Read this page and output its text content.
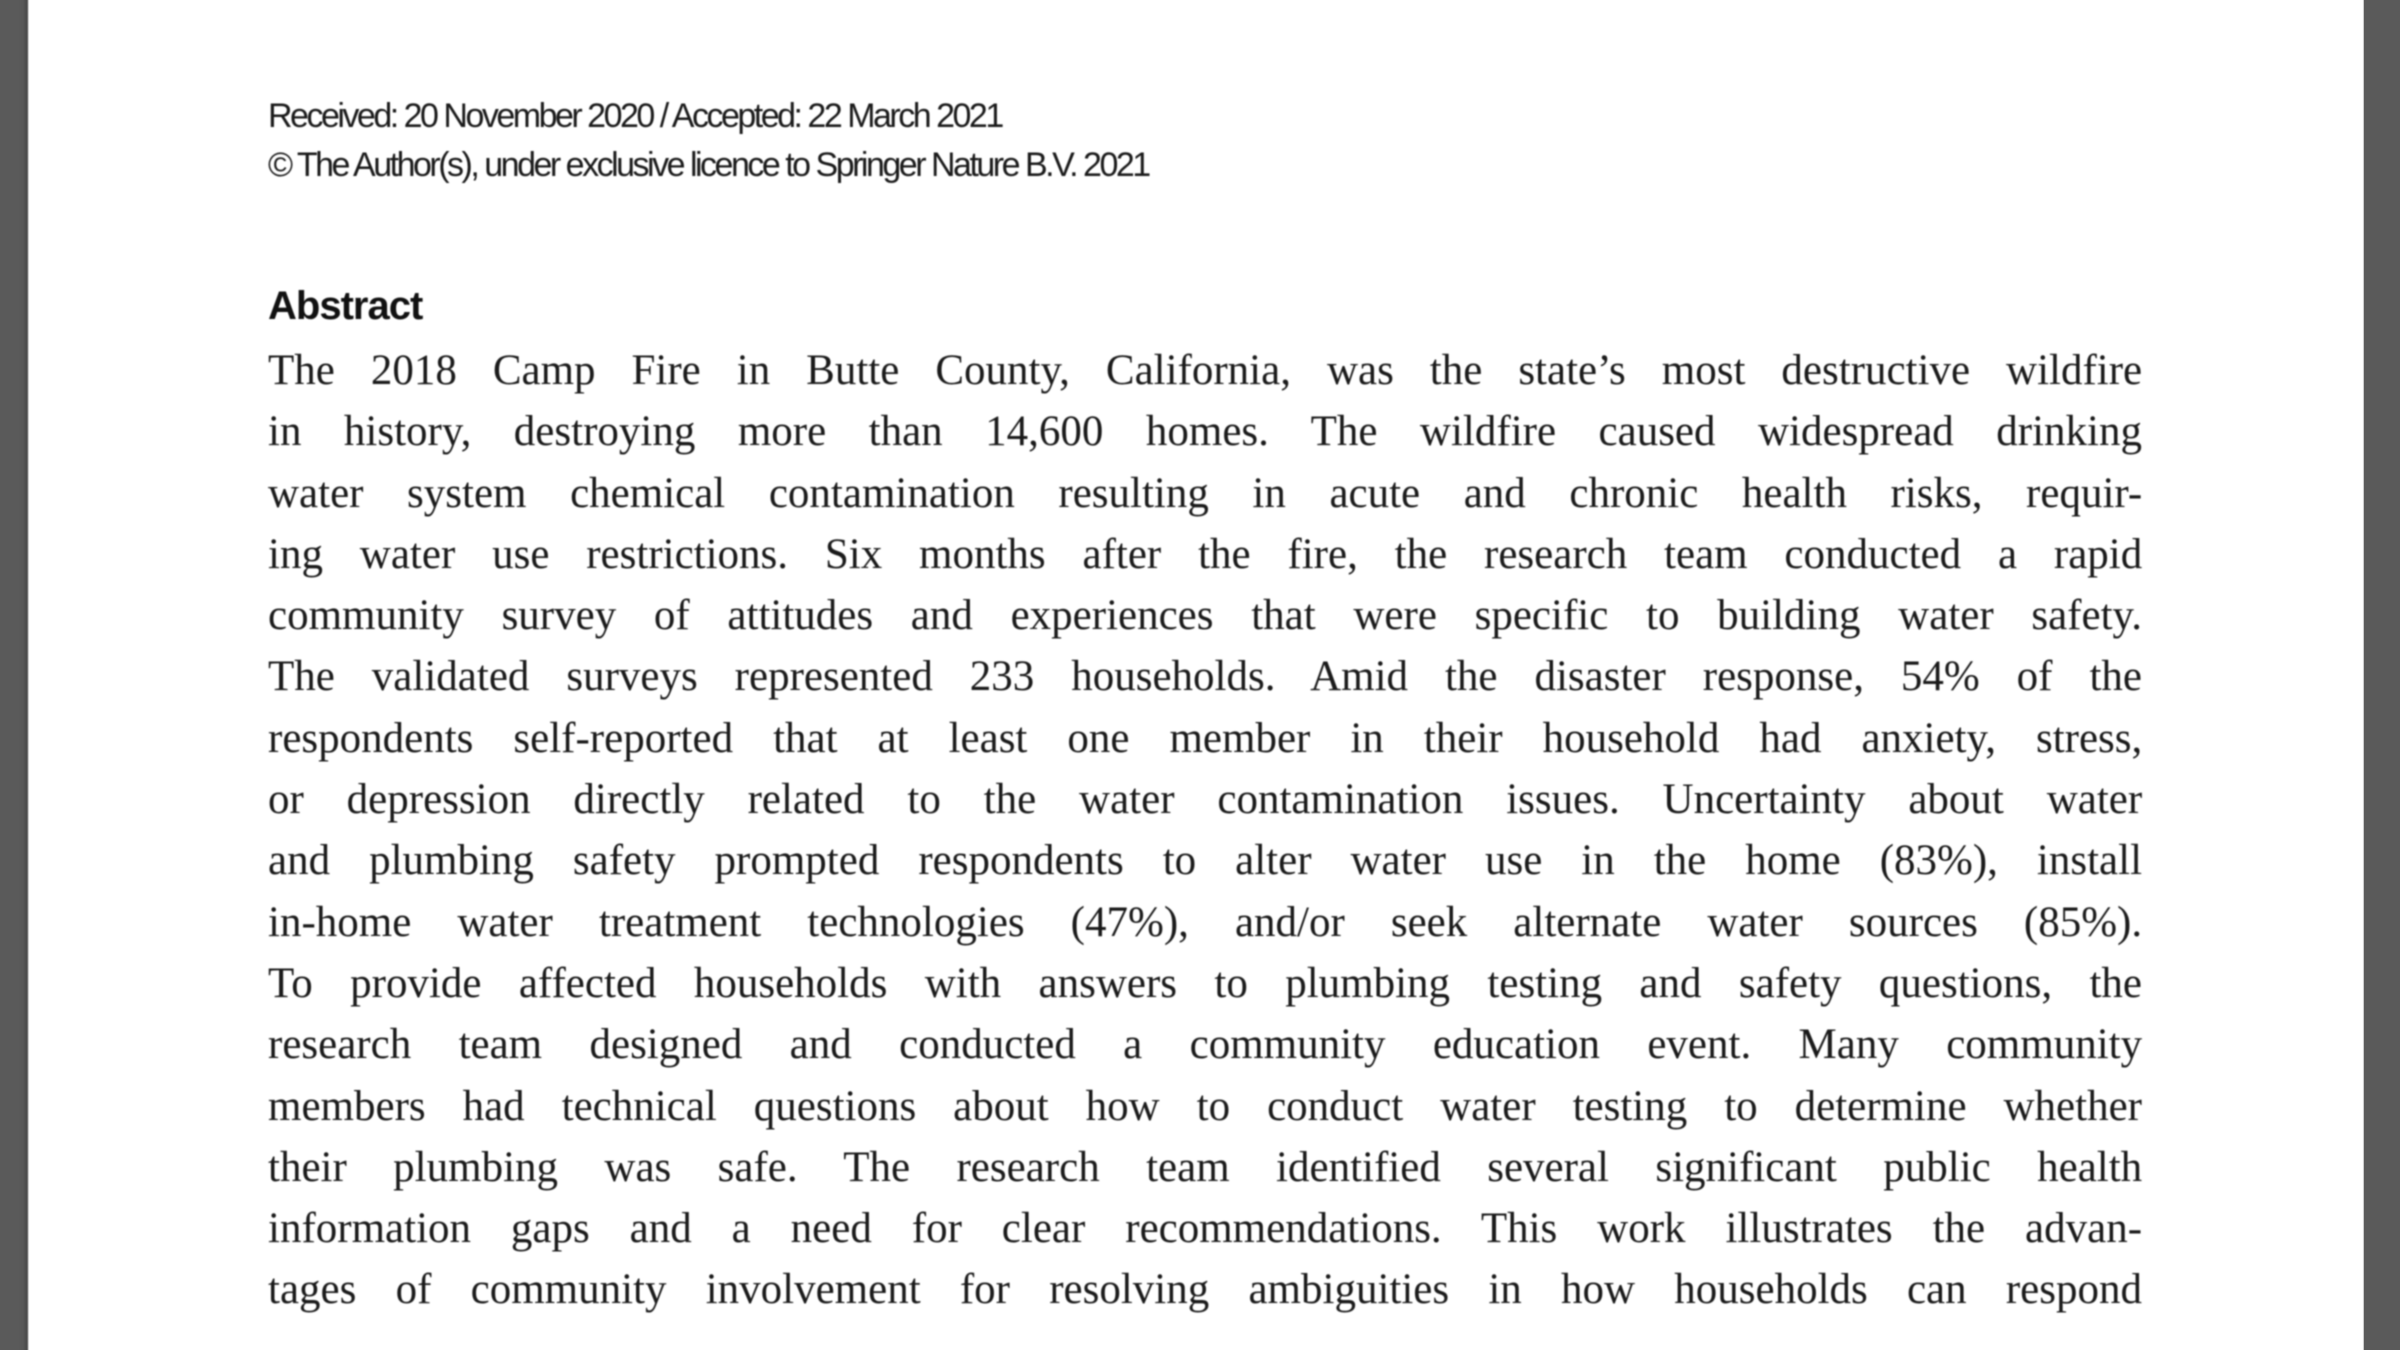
Received: 20 November 2020 / Accepted: 22 March 2021
© The Author(s), under exclusive licence to Springer Nature B.V. 2021
Abstract
The 2018 Camp Fire in Butte County, California, was the state’s most destructive wildfire
in history, destroying more than 14,600 homes. The wildfire caused widespread drinking
water system chemical contamination resulting in acute and chronic health risks, requir-
ing water use restrictions. Six months after the fire, the research team conducted a rapid
community survey of attitudes and experiences that were specific to building water safety.
The validated surveys represented 233 households. Amid the disaster response, 54% of the
respondents self-reported that at least one member in their household had anxiety, stress,
or depression directly related to the water contamination issues. Uncertainty about water
and plumbing safety prompted respondents to alter water use in the home (83%), install
in-home water treatment technologies (47%), and/or seek alternate water sources (85%).
To provide affected households with answers to plumbing testing and safety questions, the
research team designed and conducted a community education event. Many community
members had technical questions about how to conduct water testing to determine whether
their plumbing was safe. The research team identified several significant public health
information gaps and a need for clear recommendations. This work illustrates the advan-
tages of community involvement for resolving ambiguities in how households can respond
